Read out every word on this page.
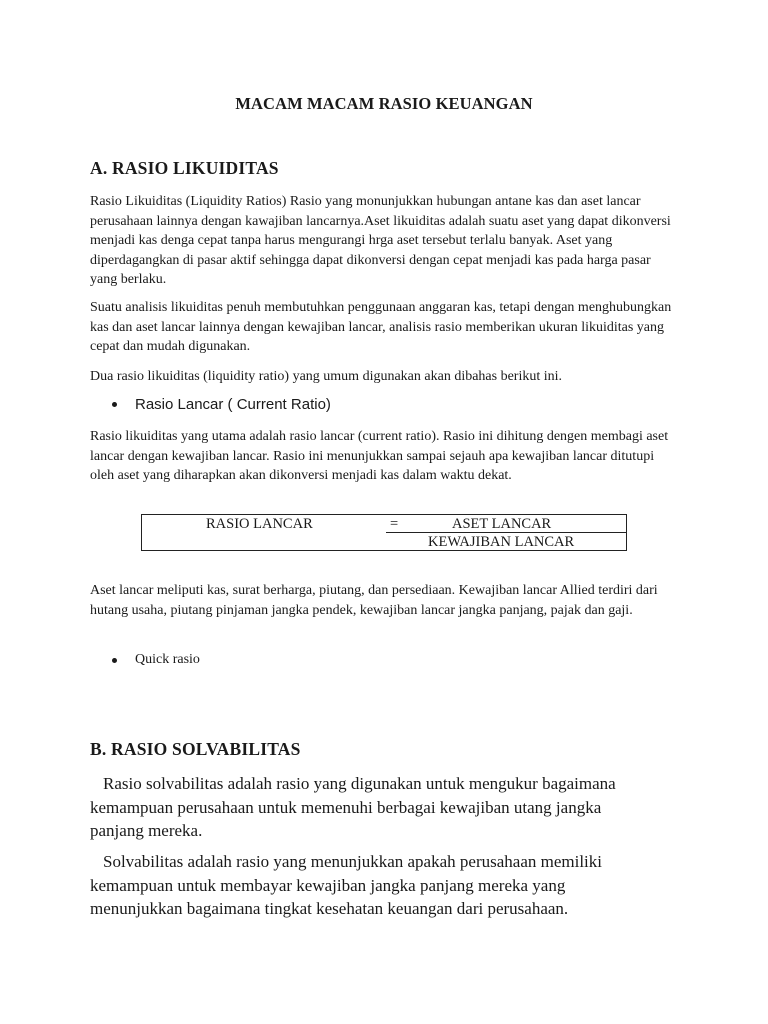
MACAM MACAM RASIO KEUANGAN
A. RASIO LIKUIDITAS

Rasio Likuiditas (Liquidity Ratios) Rasio yang monunjukkan hubungan antane kas dan aset lancar perusahaan lainnya dengan kawajiban lancarnya.Aset likuiditas adalah suatu aset yang dapat dikonversi menjadi kas denga cepat tanpa harus mengurangi hrga aset tersebut terlalu banyak. Aset yang diperdagangkan di pasar aktif sehingga dapat dikonversi dengan cepat menjadi kas pada harga pasar yang berlaku.

Suatu analisis likuiditas penuh membutuhkan penggunaan anggaran kas, tetapi dengan menghubungkan kas dan aset lancar lainnya dengan kewajiban lancar, analisis rasio memberikan ukuran likuiditas yang cepat dan mudah digunakan.

Dua rasio likuiditas (liquidity ratio) yang umum digunakan akan dibahas berikut ini.

Rasio Lancar ( Current Ratio)

Rasio likuiditas yang utama adalah rasio lancar (current ratio). Rasio ini dihitung dengen membagi aset lancar dengan kewajiban lancar. Rasio ini menunjukkan sampai sejauh apa kewajiban lancar ditutupi oleh aset yang diharapkan akan dikonversi menjadi kas dalam waktu dekat.

RASIO LANCAR	=	ASET LANCAR
KEWAJIBAN LANCAR

Aset lancar meliputi kas, surat berharga, piutang, dan persediaan. Kewajiban lancar Allied terdiri dari hutang usaha, piutang pinjaman jangka pendek, kewajiban lancar jangka panjang, pajak dan gaji.

Quick rasio
B. RASIO SOLVABILITAS

Rasio solvabilitas adalah rasio yang digunakan untuk mengukur bagaimana kemampuan perusahaan untuk memenuhi berbagai kewajiban utang jangka panjang mereka.

Solvabilitas adalah rasio yang menunjukkan apakah perusahaan memiliki kemampuan untuk membayar kewajiban jangka panjang mereka yang menunjukkan bagaimana tingkat kesehatan keuangan dari perusahaan.
